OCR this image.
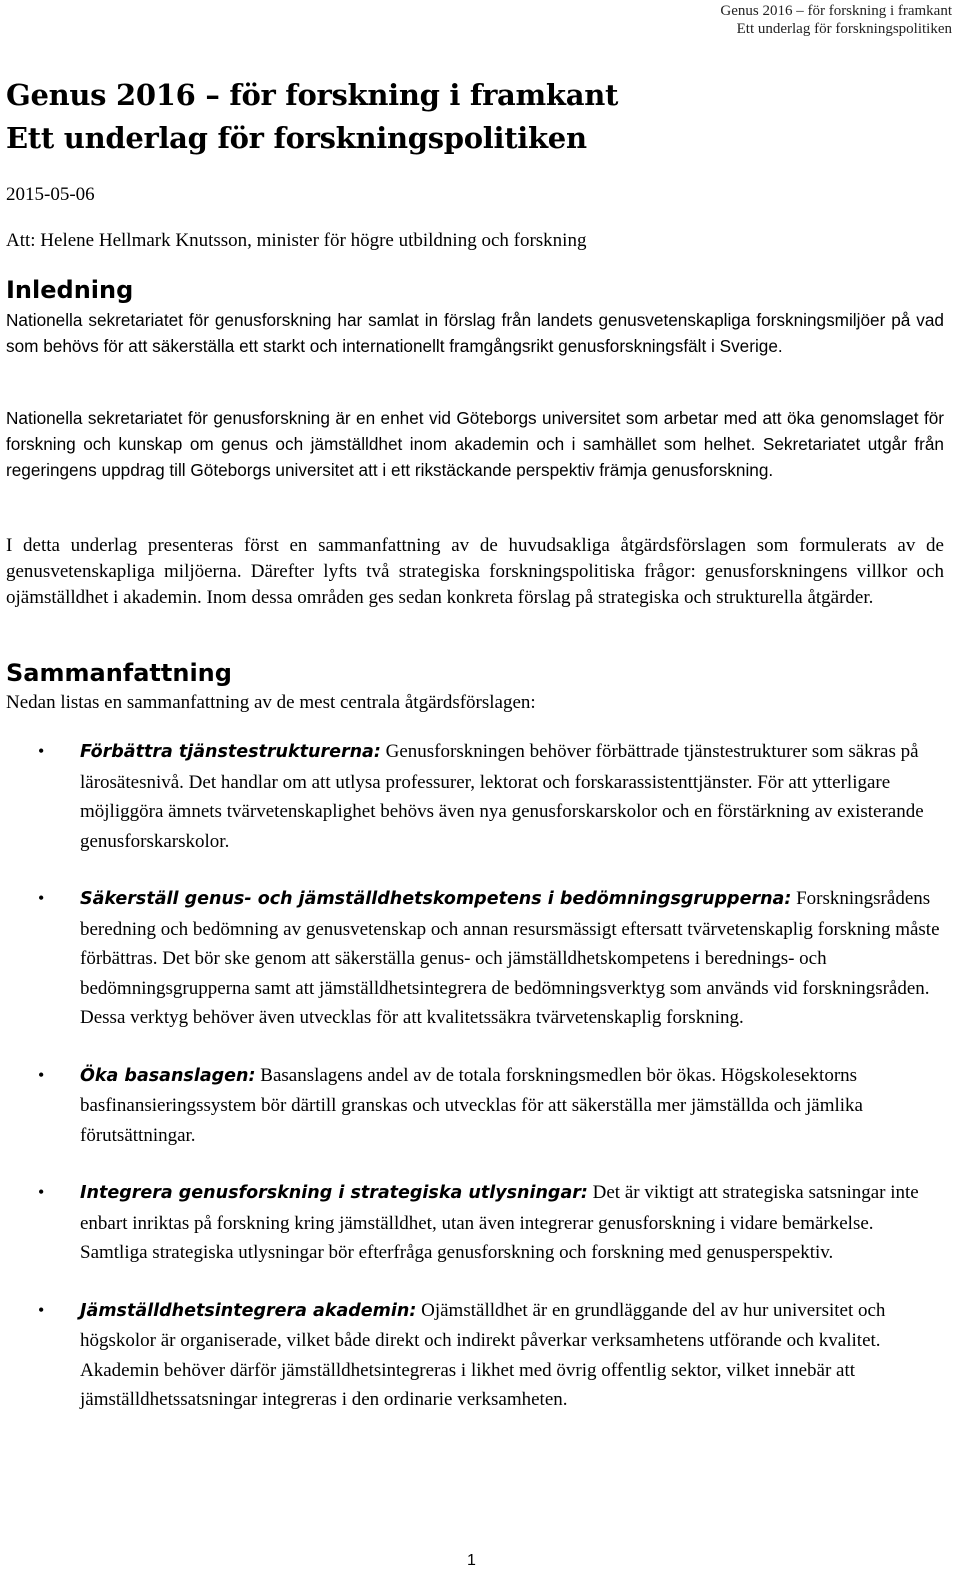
Genus 2016 – för forskning i framkant
Ett underlag för forskningspolitiken
Genus 2016 – för forskning i framkant
Ett underlag för forskningspolitiken

2015-05-06

Att: Helene Hellmark Knutsson, minister för högre utbildning och forskning

Inledning

Nationella sekretariatet för genusforskning har samlat in förslag från landets genusvetenskapliga forskningsmiljöer på vad som behövs för att säkerställa ett starkt och internationellt framgångsrikt genusforskningsfält i Sverige.

Nationella sekretariatet för genusforskning är en enhet vid Göteborgs universitet som arbetar med att öka genomslaget för forskning och kunskap om genus och jämställdhet inom akademin och i samhället som helhet. Sekretariatet utgår från regeringens uppdrag till Göteborgs universitet att i ett rikstäckande perspektiv främja genusforskning.

I detta underlag presenteras först en sammanfattning av de huvudsakliga åtgärdsförslagen som formulerats av de genusvetenskapliga miljöerna. Därefter lyfts två strategiska forskningspolitiska frågor: genusforskningens villkor och ojämställdhet i akademin. Inom dessa områden ges sedan konkreta förslag på strategiska och strukturella åtgärder.

Sammanfattning

Nedan listas en sammanfattning av de mest centrala åtgärdsförslagen:

• Förbättra tjänstestrukturerna: Genusforskningen behöver förbättrade tjänstestrukturer som säkras på lärosätesnivå. Det handlar om att utlysa professurer, lektorat och forskarassistenttjänster. För att ytterligare möjliggöra ämnets tvärvetenskaplighet behövs även nya genusforskarskolor och en förstärkning av existerande genusforskarskolor.
• Säkerställ genus- och jämställdhetskompetens i bedömningsgrupperna: Forskningsrådens beredning och bedömning av genusvetenskap och annan resursmässigt eftersatt tvärvetenskaplig forskning måste förbättras. Det bör ske genom att säkerställa genus- och jämställdhetskompetens i berednings- och bedömningsgrupperna samt att jämställdhetsintegrera de bedömningsverktyg som används vid forskningsråden. Dessa verktyg behöver även utvecklas för att kvalitetssäkra tvärvetenskaplig forskning.
• Öka basanslagen: Basanslagens andel av de totala forskningsmedlen bör ökas. Högskolesektorns basfinansieringssystem bör därtill granskas och utvecklas för att säkerställa mer jämställda och jämlika förutsättningar.
• Integrera genusforskning i strategiska utlysningar: Det är viktigt att strategiska satsningar inte enbart inriktas på forskning kring jämställdhet, utan även integrerar genusforskning i vidare bemärkelse. Samtliga strategiska utlysningar bör efterfråga genusforskning och forskning med genusperspektiv.
• Jämställdhetsintegrera akademin: Ojämställdhet är en grundläggande del av hur universitet och högskolor är organiserade, vilket både direkt och indirekt påverkar verksamhetens utförande och kvalitet. Akademin behöver därför jämställdhetsintegreras i likhet med övrig offentlig sektor, vilket innebär att jämställdhetssatsningar integreras i den ordinarie verksamheten.
1
